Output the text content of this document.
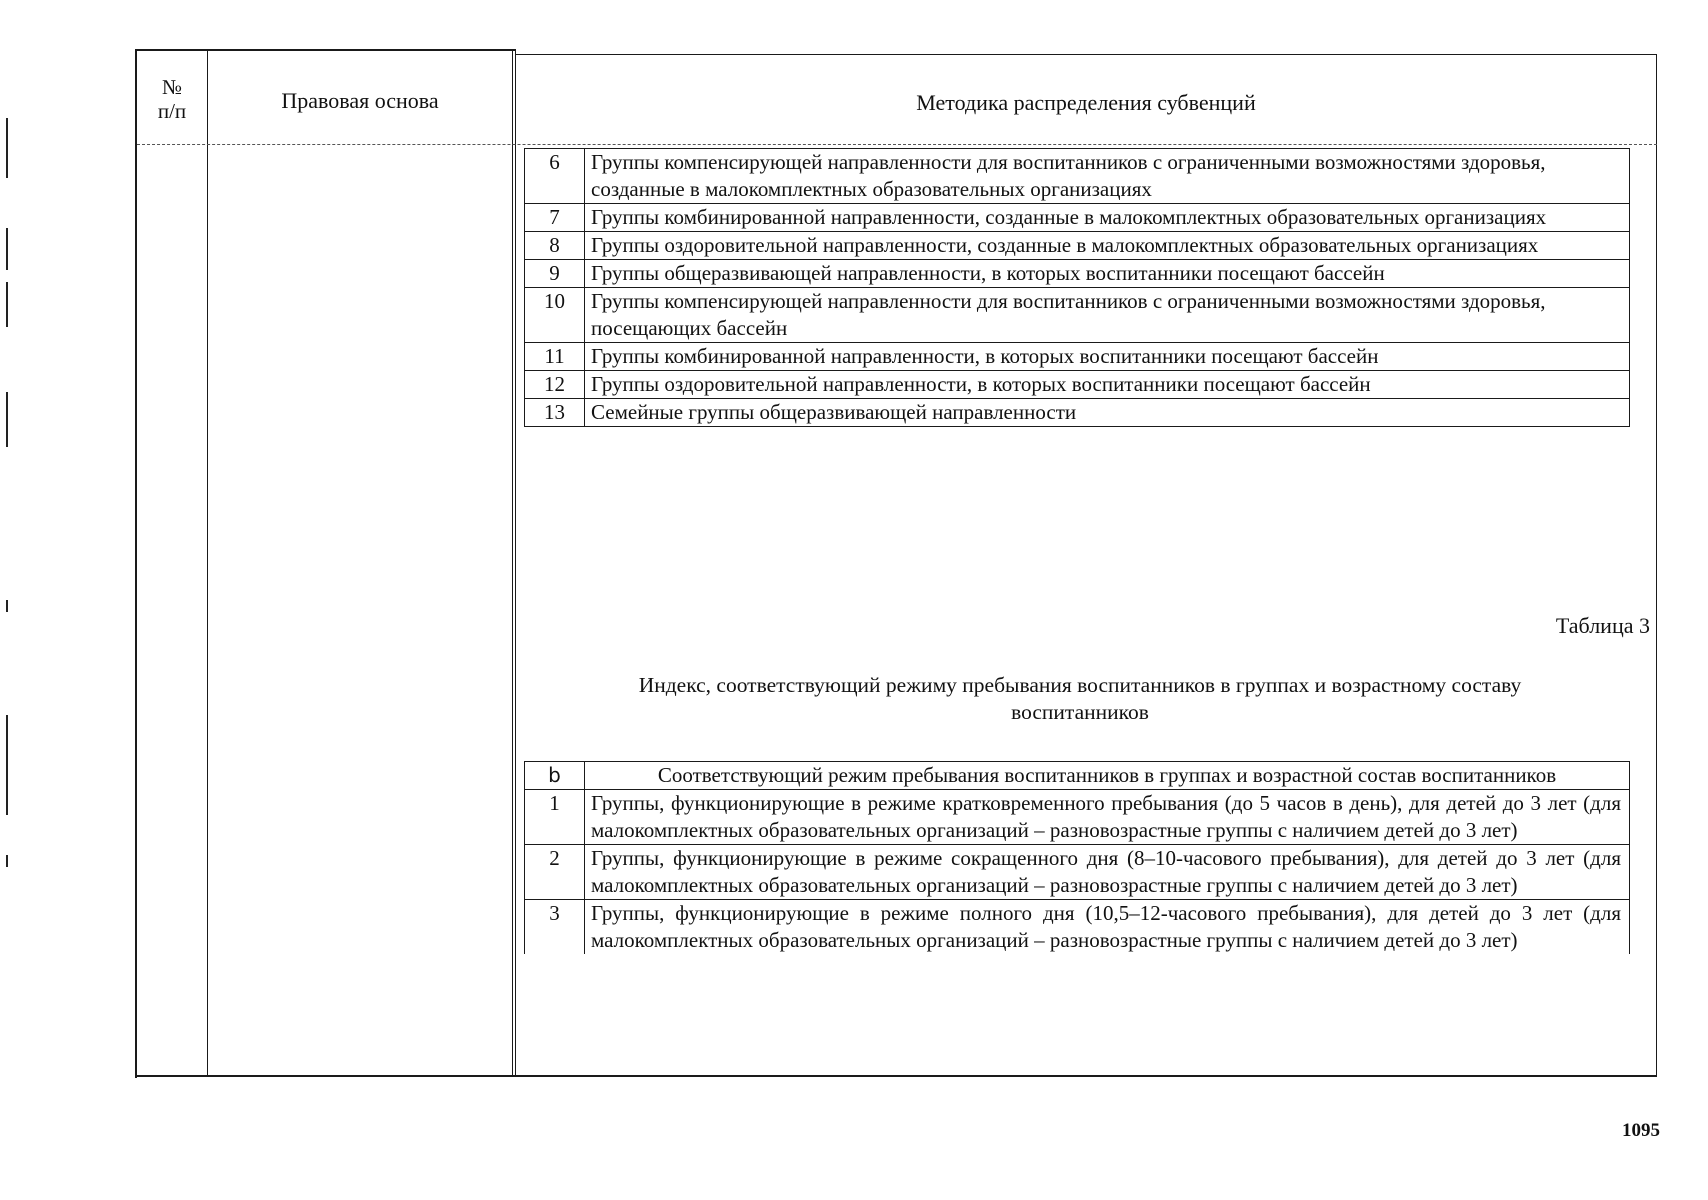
№
п/п	Правовая основа	Методика распределения субвенций
6	Группы компенсирующей направленности для воспитанников с ограниченными возможностями здоровья, созданные в малокомплектных образовательных организациях
7	Группы комбинированной направленности, созданные в малокомплектных образовательных организациях
8	Группы оздоровительной направленности, созданные в малокомплектных образовательных организациях
9	Группы общеразвивающей направленности, в которых воспитанники посещают бассейн
10	Группы компенсирующей направленности для воспитанников с ограниченными возможностями здоровья, посещающих бассейн
11	Группы комбинированной направленности, в которых воспитанники посещают бассейн
12	Группы оздоровительной направленности, в которых воспитанники посещают бассейн
13	Семейные группы общеразвивающей направленности
Таблица 3
Индекс, соответствующий режиму пребывания воспитанников в группах и возрастному составу воспитанников
b	Соответствующий режим пребывания воспитанников в группах и возрастной состав воспитанников
1	Группы, функционирующие в режиме кратковременного пребывания (до 5 часов в день), для детей до 3 лет (для малокомплектных образовательных организаций – разновозрастные группы с наличием детей до 3 лет)
2	Группы, функционирующие в режиме сокращенного дня (8–10-часового пребывания), для детей до 3 лет (для малокомплектных образовательных организаций – разновозрастные группы с наличием детей до 3 лет)
3	Группы, функционирующие в режиме полного дня (10,5–12-часового пребывания), для детей до 3 лет (для малокомплектных образовательных организаций – разновозрастные группы с наличием детей до 3 лет)
1095
